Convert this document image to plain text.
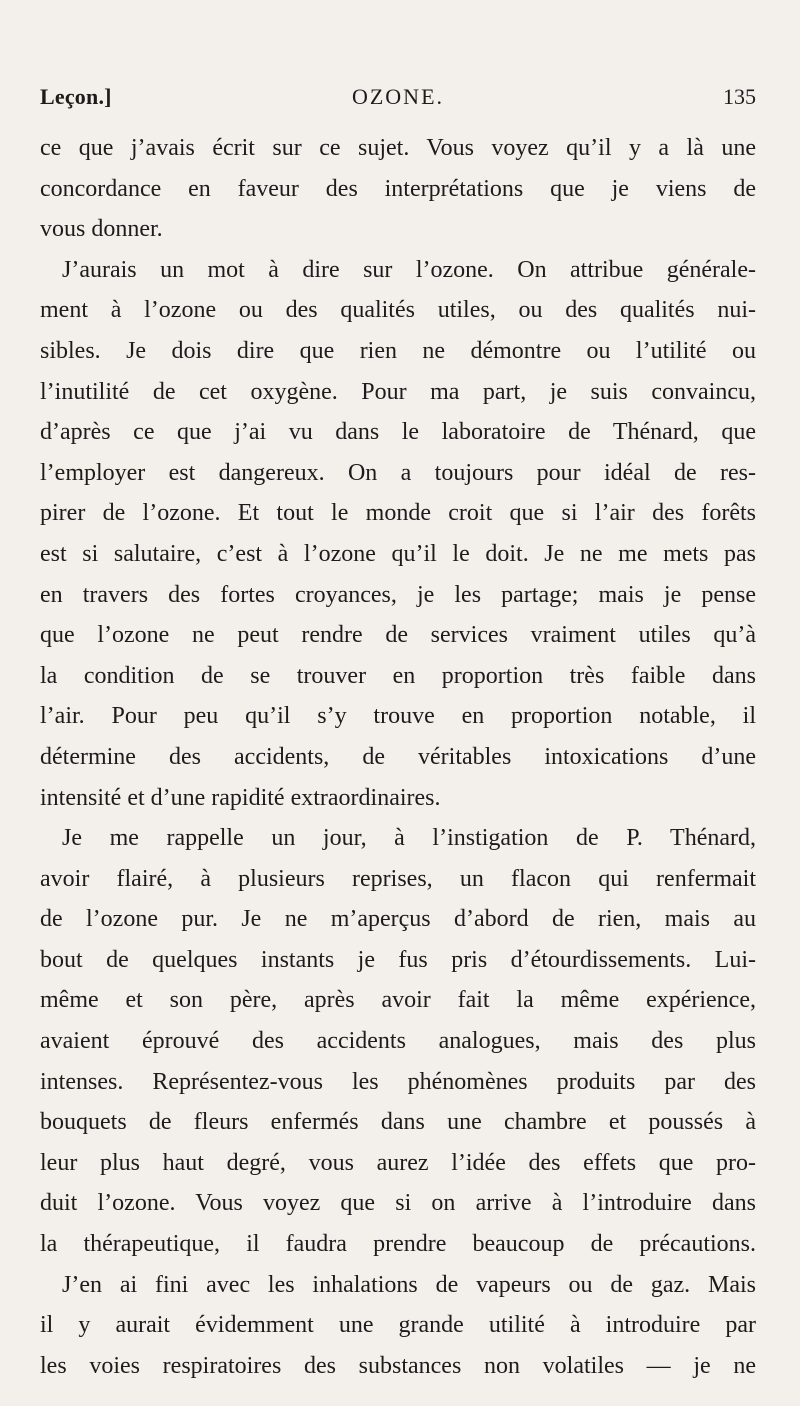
Leçon.]	OZONE.	135
ce que j’avais écrit sur ce sujet. Vous voyez qu’il y a là une
concordance en faveur des interprétations que je viens de
vous donner.
J’aurais un mot à dire sur l’ozone. On attribue générale-
ment à l’ozone ou des qualités utiles, ou des qualités nui-
sibles. Je dois dire que rien ne démontre ou l’utilité ou
l’inutilité de cet oxygène. Pour ma part, je suis convaincu,
d’après ce que j’ai vu dans le laboratoire de Thénard, que
l’employer est dangereux. On a toujours pour idéal de res-
pirer de l’ozone. Et tout le monde croit que si l’air des forêts
est si salutaire, c’est à l’ozone qu’il le doit. Je ne me mets pas
en travers des fortes croyances, je les partage; mais je pense
que l’ozone ne peut rendre de services vraiment utiles qu’à
la condition de se trouver en proportion très faible dans
l’air. Pour peu qu’il s’y trouve en proportion notable, il
détermine des accidents, de véritables intoxications d’une
intensité et d’une rapidité extraordinaires.
Je me rappelle un jour, à l’instigation de P. Thénard,
avoir flairé, à plusieurs reprises, un flacon qui renfermait
de l’ozone pur. Je ne m’aperçus d’abord de rien, mais au
bout de quelques instants je fus pris d’étourdissements. Lui-
même et son père, après avoir fait la même expérience,
avaient éprouvé des accidents analogues, mais des plus
intenses. Représentez-vous les phénomènes produits par des
bouquets de fleurs enfermés dans une chambre et poussés à
leur plus haut degré, vous aurez l’idée des effets que pro-
duit l’ozone. Vous voyez que si on arrive à l’introduire dans
la thérapeutique, il faudra prendre beaucoup de précautions.
J’en ai fini avec les inhalations de vapeurs ou de gaz. Mais
il y aurait évidemment une grande utilité à introduire par
les voies respiratoires des substances non volatiles — je ne
